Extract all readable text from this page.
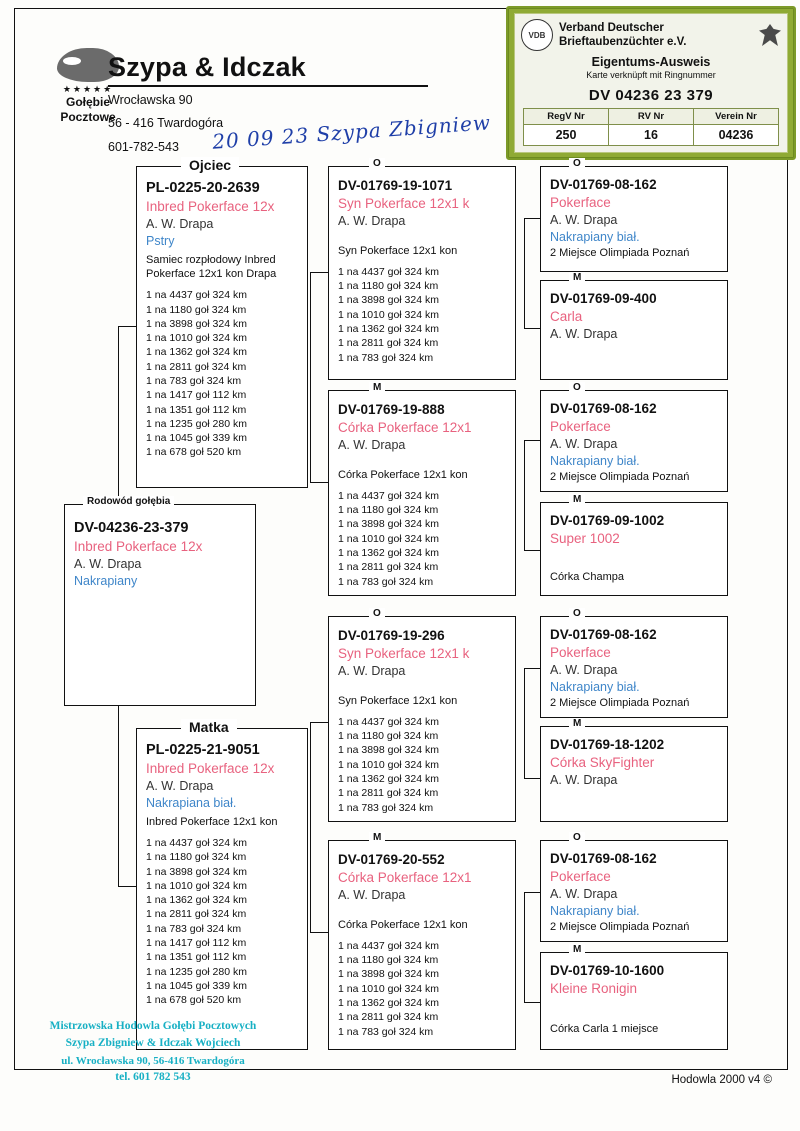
★★★★★
Gołębie
Pocztowe
Szypa & Idczak
Wrocławska 90
56 - 416 Twardogóra
601-782-543	20 09 23 Szypa Zbigniew
VDB
Verband Deutscher
Brieftaubenzüchter e.V.
Eigentums-Ausweis
Karte verknüpft mit Ringnummer
DV 04236 23 379
RegV Nr	RV Nr	Verein Nr
250	16	04236
Rodowód gołębia
DV-04236-23-379
Inbred Pokerface 12x
A. W. Drapa
Nakrapiany
Ojciec
PL-0225-20-2639
Inbred Pokerface 12x
A. W. Drapa
Pstry
Samiec rozpłodowy Inbred
Pokerface 12x1 kon Drapa
1 na 4437 goł 324 km
1 na 1180 goł 324 km
1 na 3898 goł 324 km
1 na 1010 goł 324 km
1 na 1362 goł 324 km
1 na 2811 goł 324 km
1 na 783 goł 324 km
1 na 1417 goł 112 km
1 na 1351 goł 112 km
1 na 1235 goł 280 km
1 na 1045 goł 339 km
1 na 678 goł 520 km
Matka
PL-0225-21-9051
Inbred Pokerface 12x
A. W. Drapa
Nakrapiana biał.
Inbred Pokerface 12x1 kon
1 na 4437 goł 324 km
1 na 1180 goł 324 km
1 na 3898 goł 324 km
1 na 1010 goł 324 km
1 na 1362 goł 324 km
1 na 2811 goł 324 km
1 na 783 goł 324 km
1 na 1417 goł 112 km
1 na 1351 goł 112 km
1 na 1235 goł 280 km
1 na 1045 goł 339 km
1 na 678 goł 520 km
O
DV-01769-19-1071
Syn Pokerface 12x1 k
A. W. Drapa
Syn Pokerface 12x1 kon
1 na 4437 goł 324 km
1 na 1180 goł 324 km
1 na 3898 goł 324 km
1 na 1010 goł 324 km
1 na 1362 goł 324 km
1 na 2811 goł 324 km
1 na 783 goł 324 km
M
DV-01769-19-888
Córka Pokerface 12x1
A. W. Drapa
Córka Pokerface 12x1 kon
1 na 4437 goł 324 km
1 na 1180 goł 324 km
1 na 3898 goł 324 km
1 na 1010 goł 324 km
1 na 1362 goł 324 km
1 na 2811 goł 324 km
1 na 783 goł 324 km
O
DV-01769-19-296
Syn Pokerface 12x1 k
A. W. Drapa
Syn Pokerface 12x1 kon
1 na 4437 goł 324 km
1 na 1180 goł 324 km
1 na 3898 goł 324 km
1 na 1010 goł 324 km
1 na 1362 goł 324 km
1 na 2811 goł 324 km
1 na 783 goł 324 km
M
DV-01769-20-552
Córka Pokerface 12x1
A. W. Drapa
Córka Pokerface 12x1 kon
1 na 4437 goł 324 km
1 na 1180 goł 324 km
1 na 3898 goł 324 km
1 na 1010 goł 324 km
1 na 1362 goł 324 km
1 na 2811 goł 324 km
1 na 783 goł 324 km
O
DV-01769-08-162
Pokerface
A. W. Drapa
Nakrapiany biał.
2 Miejsce Olimpiada Poznań
M
DV-01769-09-400
Carla
A. W. Drapa
O
DV-01769-08-162
Pokerface
A. W. Drapa
Nakrapiany biał.
2 Miejsce Olimpiada Poznań
M
DV-01769-09-1002
Super 1002
Córka Champa
O
DV-01769-08-162
Pokerface
A. W. Drapa
Nakrapiany biał.
2 Miejsce Olimpiada Poznań
M
DV-01769-18-1202
Córka SkyFighter
A. W. Drapa
O
DV-01769-08-162
Pokerface
A. W. Drapa
Nakrapiany biał.
2 Miejsce Olimpiada Poznań
M
DV-01769-10-1600
Kleine Ronigin
Córka Carla 1 miejsce
Mistrzowska Hodowla Gołębi Pocztowych
Szypa Zbigniew & Idczak Wojciech
ul. Wrocławska 90, 56-416 Twardogóra
tel. 601 782 543	Hodowla 2000 v4 ©
